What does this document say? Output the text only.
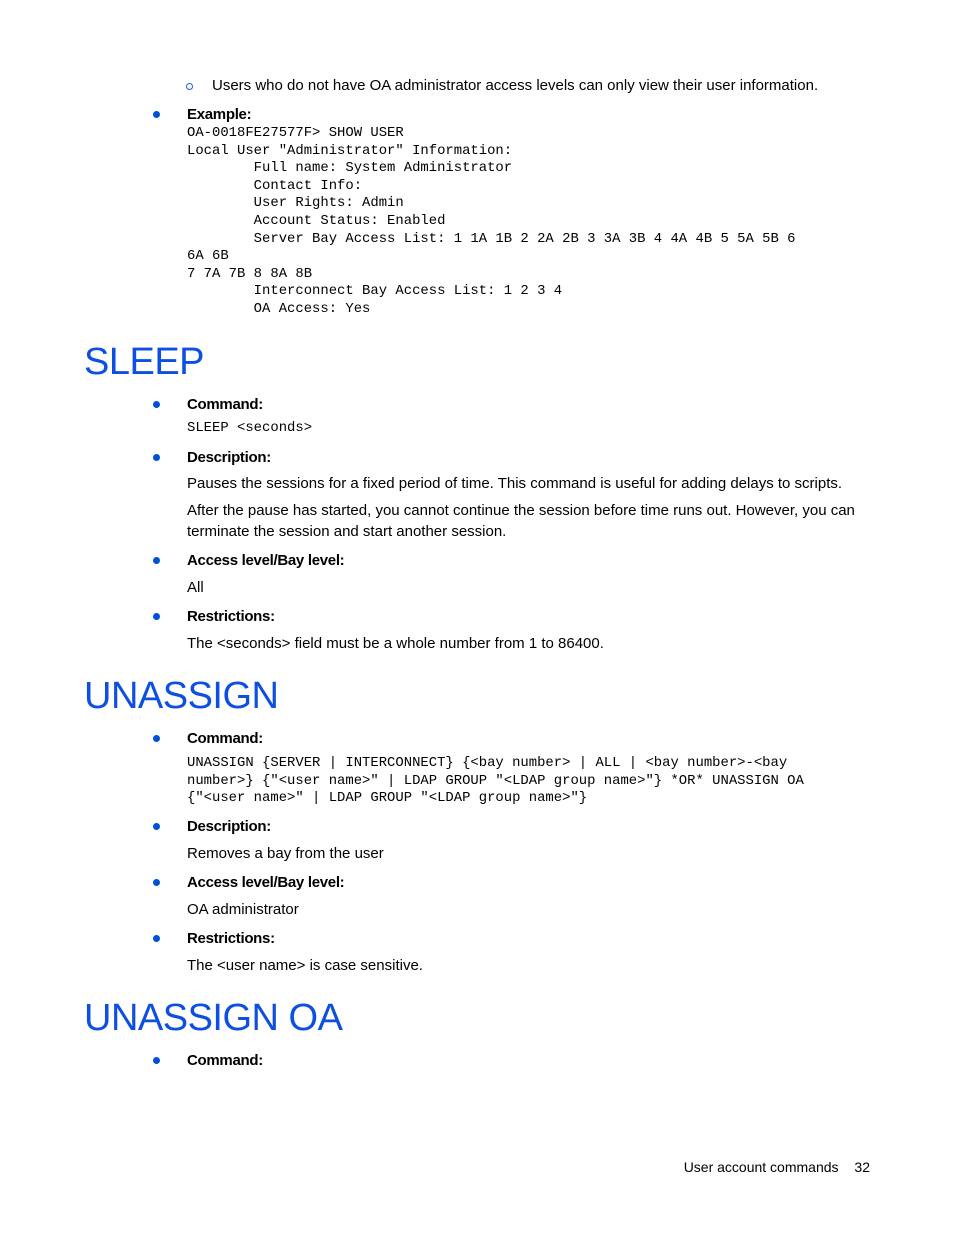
Users who do not have OA administrator access levels can only view their user information.
Example:
OA-0018FE27577F> SHOW USER
Local User "Administrator" Information:
Full name: System Administrator
Contact Info:
User Rights: Admin
Account Status: Enabled
Server Bay Access List: 1 1A 1B 2 2A 2B 3 3A 3B 4 4A 4B 5 5A 5B 6
6A 6B
7 7A 7B 8 8A 8B
Interconnect Bay Access List: 1 2 3 4
OA Access: Yes
SLEEP
Command:
SLEEP <seconds>
Description:
Pauses the sessions for a fixed period of time. This command is useful for adding delays to scripts.
After the pause has started, you cannot continue the session before time runs out. However, you can terminate the session and start another session.
Access level/Bay level:
All
Restrictions:
The <seconds> field must be a whole number from 1 to 86400.
UNASSIGN
Command:
UNASSIGN {SERVER | INTERCONNECT} {<bay number> | ALL | <bay number>-<bay
number>} {"<user name>" | LDAP GROUP "<LDAP group name>"} *OR* UNASSIGN OA
{"<user name>" | LDAP GROUP "<LDAP group name>"}
Description:
Removes a bay from the user
Access level/Bay level:
OA administrator
Restrictions:
The <user name> is case sensitive.
UNASSIGN OA
Command:
User account commands 32
